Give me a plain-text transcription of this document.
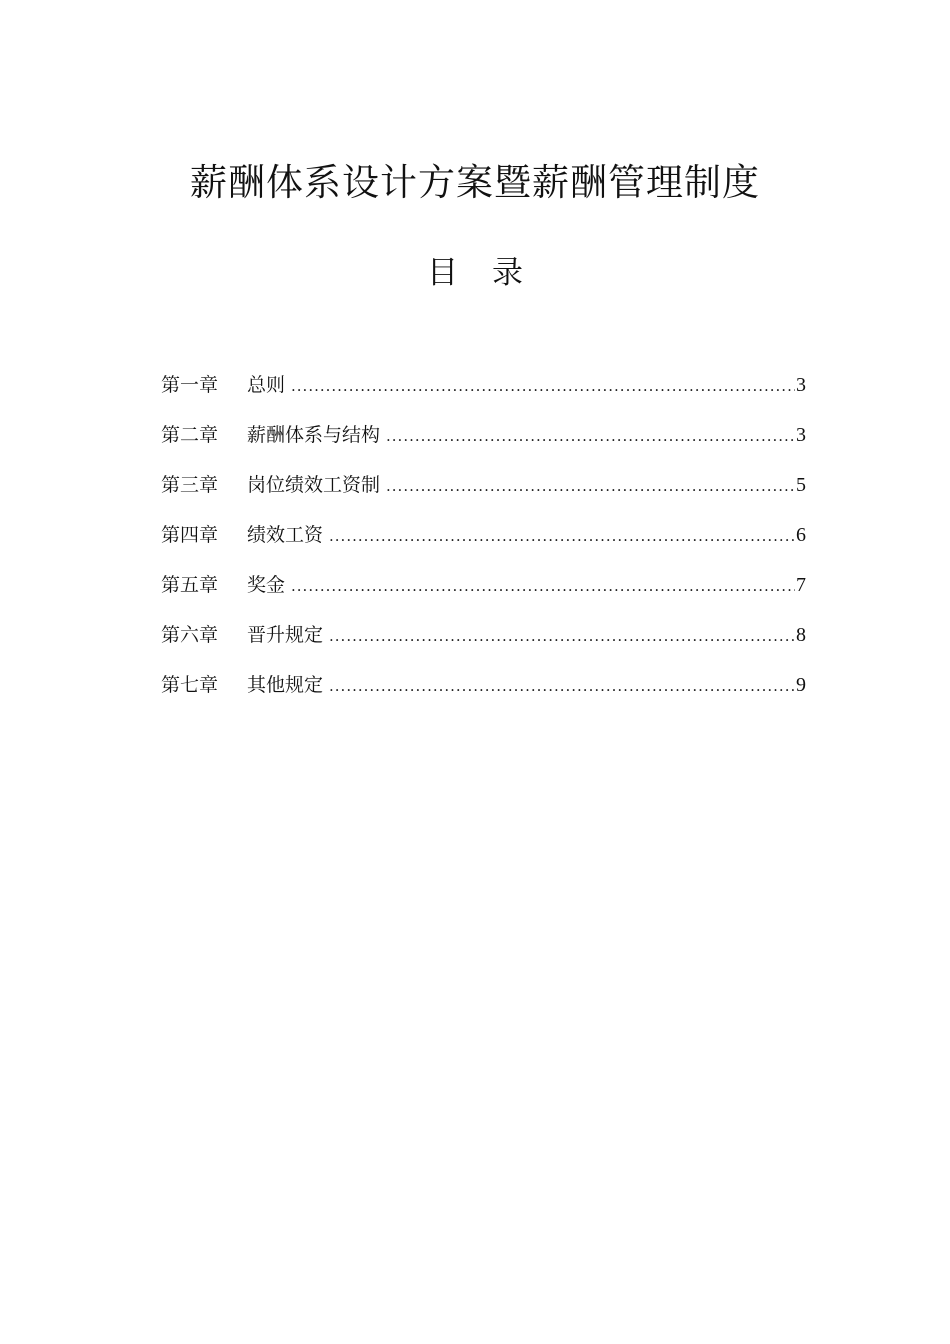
薪酬体系设计方案暨薪酬管理制度
目 录
第一章	总则 .....	3
第二章	薪酬体系与结构 .....	3
第三章	岗位绩效工资制 .....	5
第四章	绩效工资 .....	6
第五章	奖金 .....	7
第六章	晋升规定 .....	8
第七章	其他规定 .....	9
